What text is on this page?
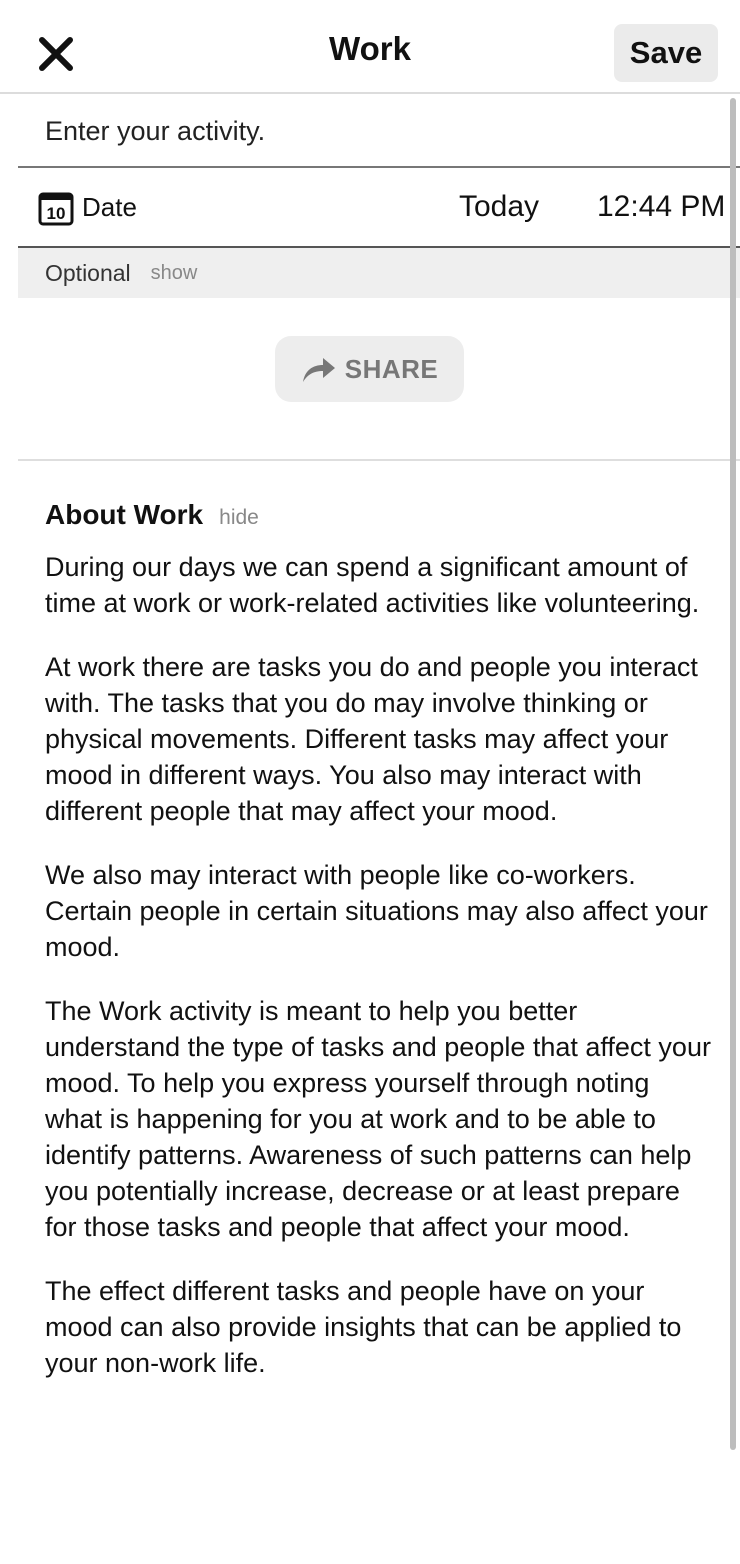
Work	Save
Enter your activity.
10 Date	Today 12:44 PM
Optional show
SHARE
About Work hide

During our days we can spend a significant amount of time at work or work-related activities like volunteering.

At work there are tasks you do and people you interact with. The tasks that you do may involve thinking or physical movements. Different tasks may affect your mood in different ways. You also may interact with different people that may affect your mood.

We also may interact with people like co-workers. Certain people in certain situations may also affect your mood.

The Work activity is meant to help you better understand the type of tasks and people that affect your mood. To help you express yourself through noting what is happening for you at work and to be able to identify patterns. Awareness of such patterns can help you potentially increase, decrease or at least prepare for those tasks and people that affect your mood.

The effect different tasks and people have on your mood can also provide insights that can be applied to your non-work life.
